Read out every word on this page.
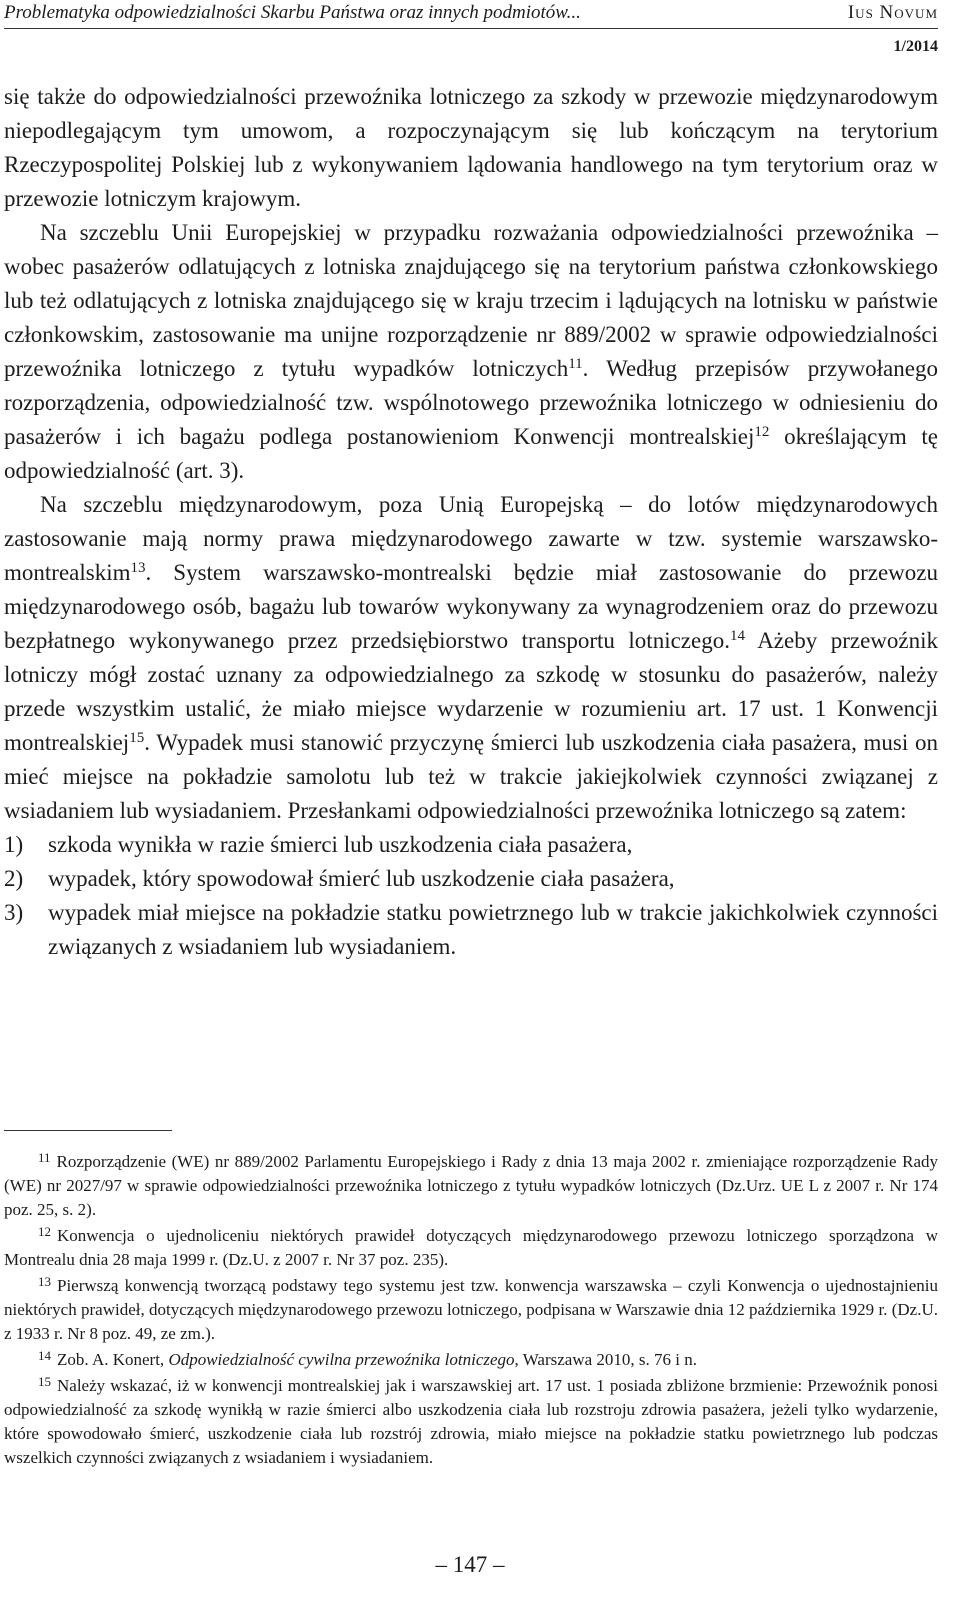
Problematyka odpowiedzialności Skarbu Państwa oraz innych podmiotów...	Ius Novum
1/2014

się także do odpowiedzialności przewoźnika lotniczego za szkody w przewozie międzynarodowym niepodlegającym tym umowom, a rozpoczynającym się lub kończącym na terytorium Rzeczypospolitej Polskiej lub z wykonywaniem lądowania handlowego na tym terytorium oraz w przewozie lotniczym krajowym.

Na szczeblu Unii Europejskiej w przypadku rozważania odpowiedzialności przewoźnika – wobec pasażerów odlatujących z lotniska znajdującego się na terytorium państwa członkowskiego lub też odlatujących z lotniska znajdującego się w kraju trzecim i lądujących na lotnisku w państwie członkowskim, zastosowanie ma unijne rozporządzenie nr 889/2002 w sprawie odpowiedzialności przewoźnika lotniczego z tytułu wypadków lotniczych$^{11}$. Według przepisów przywołanego rozporządzenia, odpowiedzialność tzw. wspólnotowego przewoźnika lotniczego w odniesieniu do pasażerów i ich bagażu podlega postanowieniom Konwencji montrealskiej$^{12}$ określającym tę odpowiedzialność (art. 3).

Na szczeblu międzynarodowym, poza Unią Europejską – do lotów międzynarodowych zastosowanie mają normy prawa międzynarodowego zawarte w tzw. systemie warszawsko-montrealskim$^{13}$. System warszawsko-montrealski będzie miał zastosowanie do przewozu międzynarodowego osób, bagażu lub towarów wykonywany za wynagrodzeniem oraz do przewozu bezpłatnego wykonywanego przez przedsiębiorstwo transportu lotniczego.$^{14}$ Ażeby przewoźnik lotniczy mógł zostać uznany za odpowiedzialnego za szkodę w stosunku do pasażerów, należy przede wszystkim ustalić, że miało miejsce wydarzenie w rozumieniu art. 17 ust. 1 Konwencji montrealskiej$^{15}$. Wypadek musi stanowić przyczynę śmierci lub uszkodzenia ciała pasażera, musi on mieć miejsce na pokładzie samolotu lub też w trakcie jakiejkolwiek czynności związanej z wsiadaniem lub wysiadaniem. Przesłankami odpowiedzialności przewoźnika lotniczego są zatem:

1) szkoda wynikła w razie śmierci lub uszkodzenia ciała pasażera,
2) wypadek, który spowodował śmierć lub uszkodzenie ciała pasażera,
3) wypadek miał miejsce na pokładzie statku powietrznego lub w trakcie jakichkolwiek czynności związanych z wsiadaniem lub wysiadaniem.

$^{11}$ Rozporządzenie (WE) nr 889/2002 Parlamentu Europejskiego i Rady z dnia 13 maja 2002 r. zmieniające rozporządzenie Rady (WE) nr 2027/97 w sprawie odpowiedzialności przewoźnika lotniczego z tytułu wypadków lotniczych (Dz.Urz. UE L z 2007 r. Nr 174 poz. 25, s. 2).

$^{12}$ Konwencja o ujednoliceniu niektórych prawideł dotyczących międzynarodowego przewozu lotniczego sporządzona w Montrealu dnia 28 maja 1999 r. (Dz.U. z 2007 r. Nr 37 poz. 235).

$^{13}$ Pierwszą konwencją tworzącą podstawy tego systemu jest tzw. konwencja warszawska – czyli Konwencja o ujednostajnieniu niektórych prawideł, dotyczących międzynarodowego przewozu lotniczego, podpisana w Warszawie dnia 12 października 1929 r. (Dz.U. z 1933 r. Nr 8 poz. 49, ze zm.).

$^{14}$ Zob. A. Konert, Odpowiedzialność cywilna przewoźnika lotniczego, Warszawa 2010, s. 76 i n.

$^{15}$ Należy wskazać, iż w konwencji montrealskiej jak i warszawskiej art. 17 ust. 1 posiada zbliżone brzmienie: Przewoźnik ponosi odpowiedzialność za szkodę wynikłą w razie śmierci albo uszkodzenia ciała lub rozstroju zdrowia pasażera, jeżeli tylko wydarzenie, które spowodowało śmierć, uszkodzenie ciała lub rozstrój zdrowia, miało miejsce na pokładzie statku powietrznego lub podczas wszelkich czynności związanych z wsiadaniem i wysiadaniem.

– 147 –
